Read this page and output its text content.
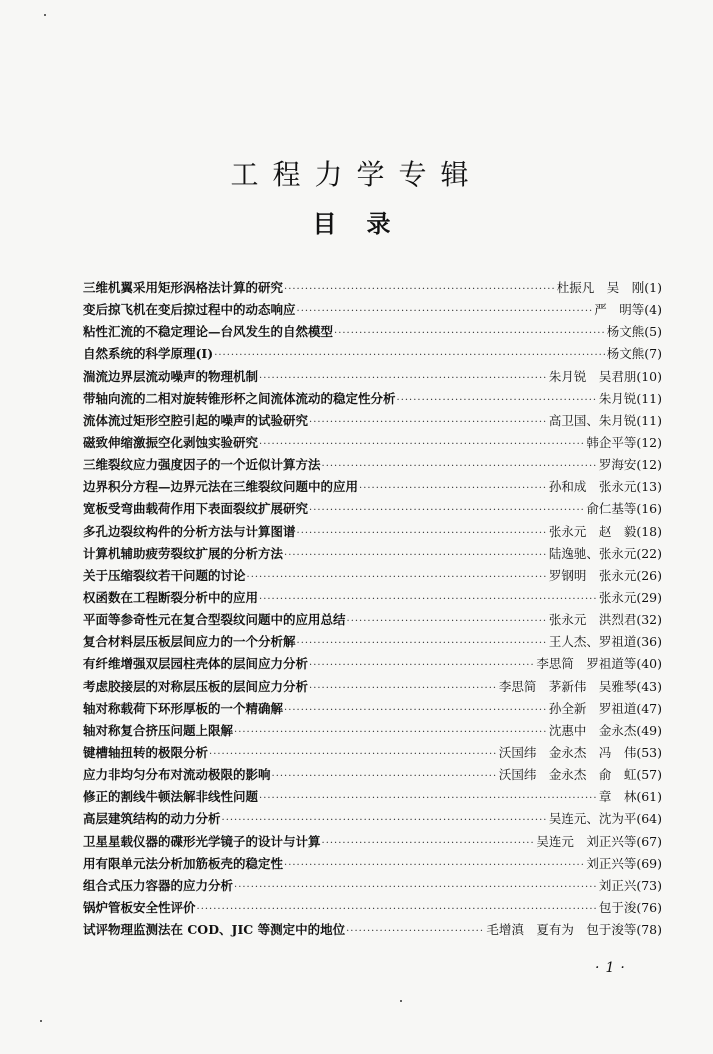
工程力学专辑
目 录
三维机翼采用矩形涡格法计算的研究 ·····	杜振凡　吴　刚(1)
变后掠飞机在变后掠过程中的动态响应 ·····	严　明等(4)
粘性汇流的不稳定理论—台风发生的自然模型 ·····	杨文熊(5)
自然系统的科学原理(Ⅰ) ·····	杨文熊(7)
湍流边界层流动噪声的物理机制 ·····	朱月锐　吴君朋(10)
带轴向流的二相对旋转锥形杯之间流体流动的稳定性分析 ·····	朱月锐(11)
流体流过矩形空腔引起的噪声的试验研究 ·····	高卫国、朱月锐(11)
磁致伸缩激振空化剥蚀实验研究 ·····	韩企平等(12)
三维裂纹应力强度因子的一个近似计算方法 ·····	罗海安(12)
边界积分方程—边界元法在三维裂纹问题中的应用 ·····	孙和成　张永元(13)
宽板受弯曲载荷作用下表面裂纹扩展研究 ·····	俞仁基等(16)
多孔边裂纹构件的分析方法与计算图谱 ·····	张永元　赵　毅(18)
计算机辅助疲劳裂纹扩展的分析方法 ·····	陆逸驰、张永元(22)
关于压缩裂纹若干问题的讨论 ·····	罗钢明　张永元(26)
权函数在工程断裂分析中的应用 ·····	张永元(29)
平面等参奇性元在复合型裂纹问题中的应用总结 ·····	张永元　洪烈君(32)
复合材料层压板层间应力的一个分析解 ·····	王人杰、罗祖道(36)
有纤维增强双层园柱壳体的层间应力分析 ·····	李思简　罗祖道等(40)
考虑胶接层的对称层压板的层间应力分析 ·····	李思简　茅新伟　吴雅琴(43)
轴对称载荷下环形厚板的一个精确解 ·····	孙全新　罗祖道(47)
轴对称复合挤压问题上限解 ·····	沈惠中　金永杰(49)
键槽轴扭转的极限分析 ·····	沃国纬　金永杰　冯　伟(53)
应力非均匀分布对流动极限的影响 ·····	沃国纬　金永杰　俞　虹(57)
修正的割线牛顿法解非线性问题 ·····	章　林(61)
高层建筑结构的动力分析 ·····	吴连元、沈为平(64)
卫星星载仪器的碟形光学镜子的设计与计算 ·····	吴连元　刘正兴等(67)
用有限单元法分析加筋板壳的稳定性 ·····	刘正兴等(69)
组合式压力容器的应力分析 ·····	刘正兴(73)
锅炉管板安全性评价 ·····	包于浚(76)
试评物理监测法在 COD、JIC 等测定中的地位 ·····	毛增滇　夏有为　包于浚等(78)
·1·
